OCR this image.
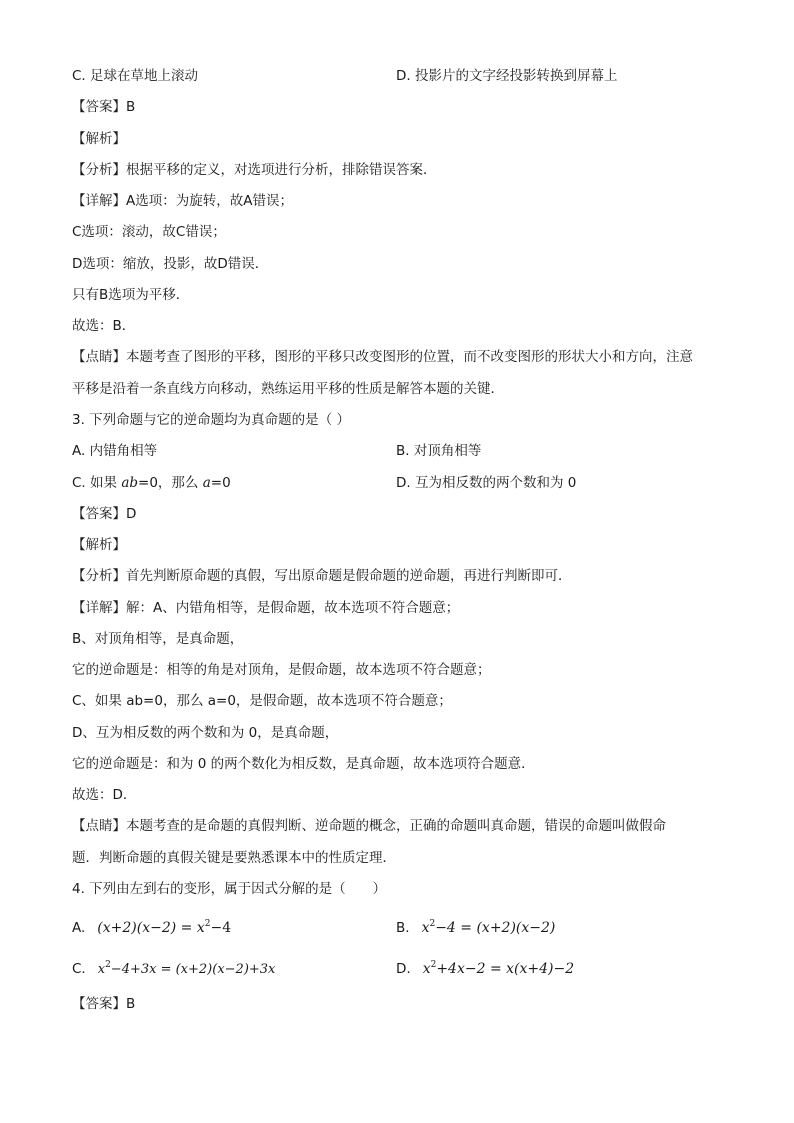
C. 足球在草地上滚动	D. 投影片的文字经投影转换到屏幕上
【答案】B
【解析】
【分析】根据平移的定义，对选项进行分析，排除错误答案．
【详解】A选项：为旋转，故A错误；
C选项：滚动，故C错误；
D选项：缩放，投影，故D错误．
只有B选项为平移．
故选：B．
【点睛】本题考查了图形的平移，图形的平移只改变图形的位置，而不改变图形的形状大小和方向，注意
平移是沿着一条直线方向移动，熟练运用平移的性质是解答本题的关键．
3. 下列命题与它的逆命题均为真命题的是（ ）
A. 内错角相等	B. 对顶角相等
C. 如果 ab=0，那么 a=0	D. 互为相反数的两个数和为 0
【答案】D
【解析】
【分析】首先判断原命题的真假，写出原命题是假命题的逆命题，再进行判断即可．
【详解】解：A、内错角相等，是假命题，故本选项不符合题意；
B、对顶角相等，是真命题，
它的逆命题是：相等的角是对顶角，是假命题，故本选项不符合题意；
C、如果 ab=0，那么 a=0，是假命题，故本选项不符合题意；
D、互为相反数的两个数和为 0，是真命题，
它的逆命题是：和为 0 的两个数化为相反数，是真命题，故本选项符合题意．
故选：D．
【点睛】本题考查的是命题的真假判断、逆命题的概念，正确的命题叫真命题，错误的命题叫做假命
题．判断命题的真假关键是要熟悉课本中的性质定理．
4. 下列由左到右的变形，属于因式分解的是（　　）
A. $(x+2)(x-2) = x^2-4$	B. $x^2-4 = (x+2)(x-2)$
C. $x^2-4+3x = (x+2)(x-2)+3x$	D. $x^2+4x-2 = x(x+4)-2$
【答案】B
